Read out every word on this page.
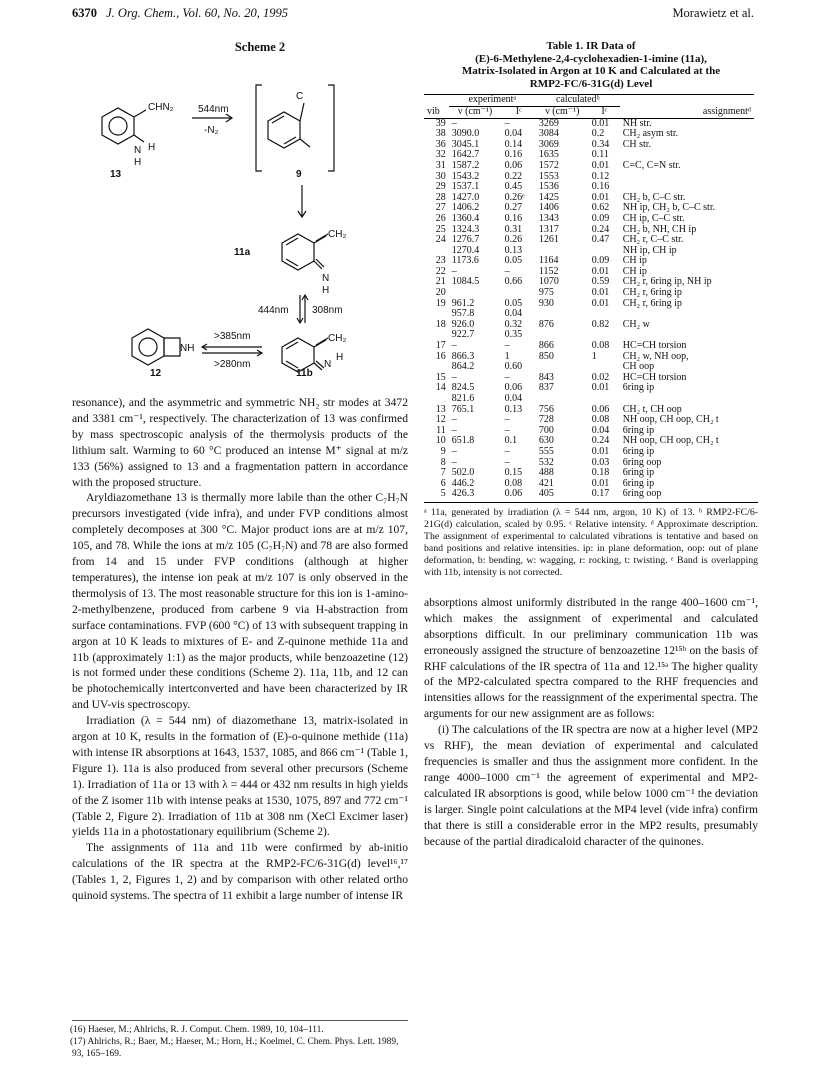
6370 J. Org. Chem., Vol. 60, No. 20, 1995	Morawietz et al.
Scheme 2
CHN₂
N H
H
13
544nm
-N₂
C
9
CH₂
N
H
11a
444nm 308nm
>385nm
>280nm
CH₂
N
H
NH
12	11b

resonance), and the asymmetric and symmetric NH₂ str modes at 3472 and 3381 cm⁻¹, respectively. The characterization of 13 was confirmed by mass spectroscopic analysis of the thermolysis products of the lithium salt. Warming to 60 °C produced an intense M⁺ signal at m/z 133 (56%) assigned to 13 and a fragmentation pattern in accordance with the proposed structure.

Aryldiazomethane 13 is thermally more labile than the other C₇H₇N precursors investigated (vide infra), and under FVP conditions almost completely decomposes at 300 °C. Major product ions are at m/z 107, 105, and 78. While the ions at m/z 105 (C₇H₇N) and 78 are also formed from 14 and 15 under FVP conditions (although at higher temperatures), the intense ion peak at m/z 107 is only observed in the thermolysis of 13. The most reasonable structure for this ion is 1-amino-2-methylbenzene, produced from carbene 9 via H-abstraction from surface contaminations. FVP (600 °C) of 13 with subsequent trapping in argon at 10 K leads to mixtures of E- and Z-quinone methide 11a and 11b (approximately 1:1) as the major products, while benzoazetine (12) is not formed under these conditions (Scheme 2). 11a, 11b, and 12 can be photochemically intertconverted and have been characterized by IR and UV-vis spectroscopy.

Irradiation (λ = 544 nm) of diazomethane 13, matrix-isolated in argon at 10 K, results in the formation of (E)-o-quinone methide (11a) with intense IR absorptions at 1643, 1537, 1085, and 866 cm⁻¹ (Table 1, Figure 1). 11a is also produced from several other precursors (Scheme 1). Irradiation of 11a or 13 with λ = 444 or 432 nm results in high yields of the Z isomer 11b with intense peaks at 1530, 1075, 897 and 772 cm⁻¹ (Table 2, Figure 2). Irradiation of 11b at 308 nm (XeCl Excimer laser) yields 11a in a photostationary equilibrium (Scheme 2).

The assignments of 11a and 11b were confirmed by ab-initio calculations of the IR spectra at the RMP2-FC/6-31G(d) level¹⁶,¹⁷ (Tables 1, 2, Figures 1, 2) and by comparison with other related ortho quinoid systems. The spectra of 11 exhibit a large number of intense IR

(16) Haeser, M.; Ahlrichs, R. J. Comput. Chem. 1989, 10, 104–111.
(17) Ahlrichs, R.; Baer, M.; Haeser, M.; Horn, H.; Koelmel, C. Chem. Phys. Lett. 1989, 93, 165–169.
Table 1. IR Data of
(E)-6-Methylene-2,4-cyclohexadien-1-imine (11a),
Matrix-Isolated in Argon at 10 K and Calculated at the
RMP2-FC/6-31G(d) Level
	experimentᵃ		calculatedᵇ		
vib	ν (cm⁻¹)	Iᶜ	ν (cm⁻¹)	Iᶜ	assignmentᵈ
39	–	–	3269	0.01	NH str.
38	3090.0	0.04	3084	0.2	CH₂ asym str.
36	3045.1	0.14	3069	0.34	CH str.
32	1642.7	0.16	1635	0.11	
31	1587.2	0.06	1572	0.01	C=C, C=N str.
30	1543.2	0.22	1553	0.12	
29	1537.1	0.45	1536	0.16	
28	1427.0	0.26ᵉ	1425	0.01	CH₂ b, C–C str.
27	1406.2	0.27	1406	0.62	NH ip, CH₂ b, C–C str.
26	1360.4	0.16	1343	0.09	CH ip, C–C str.
25	1324.3	0.31	1317	0.24	CH₂ b, NH, CH ip
24	1276.7	0.26	1261	0.47	CH₂ r, C–C str.
	1270.4	0.13			NH ip, CH ip
23	1173.6	0.05	1164	0.09	CH ip
22	–	–	1152	0.01	CH ip
21	1084.5	0.66	1070	0.59	CH₂ r, 6ring ip, NH ip
20			975	0.01	CH₂ r, 6ring ip
19	961.2	0.05	930	0.01	CH₂ r, 6ring ip
	957.8	0.04			
18	926.0	0.32	876	0.82	CH₂ w
	922.7	0.35			
17	–	–	866	0.08	HC=CH torsion
16	866.3	1	850	1	CH₂ w, NH oop,
	864.2	0.60			CH oop
15	–	–	843	0.02	HC=CH torsion
14	824.5	0.06	837	0.01	6ring ip
	821.6	0.04			
13	765.1	0.13	756	0.06	CH₂ t, CH oop
12	–	–	728	0.08	NH oop, CH oop, CH₂ t
11	–	–	700	0.04	6ring ip
10	651.8	0.1	630	0.24	NH oop, CH oop, CH₂ t
9	–	–	555	0.01	6ring ip
8	–	–	532	0.03	6ring oop
7	502.0	0.15	488	0.18	6ring ip
6	446.2	0.08	421	0.01	6ring ip
5	426.3	0.06	405	0.17	6ring oop
ᵃ 11a, generated by irradiation (λ = 544 nm, argon, 10 K) of 13. ᵇ RMP2-FC/6-21G(d) calculation, scaled by 0.95. ᶜ Relative intensity. ᵈ Approximate description. The assignment of experimental to calculated vibrations is tentative and based on band positions and relative intensities. ip: in plane deformation, oop: out of plane deformation, b: bending, w: wagging, r: rocking, t: twisting. ᵉ Band is overlapping with 11b, intensity is not corrected.

absorptions almost uniformly distributed in the range 400–1600 cm⁻¹, which makes the assignment of experimental and calculated absorptions difficult. In our preliminary communication 11b was erroneously assigned the structure of benzoazetine 12¹⁵ᵇ on the basis of RHF calculations of the IR spectra of 11a and 12.¹⁵ᵃ The higher quality of the MP2-calculated spectra compared to the RHF frequencies and intensities allows for the reassignment of the experimental spectra. The arguments for our new assignment are as follows:

(i) The calculations of the IR spectra are now at a higher level (MP2 vs RHF), the mean deviation of experimental and calculated frequencies is smaller and thus the assignment more confident. In the range 4000–1000 cm⁻¹ the agreement of experimental and MP2-calculated IR absorptions is good, while below 1000 cm⁻¹ the deviation is larger. Single point calculations at the MP4 level (vide infra) confirm that there is still a considerable error in the MP2 results, presumably because of the partial diradicaloid character of the quinones.
